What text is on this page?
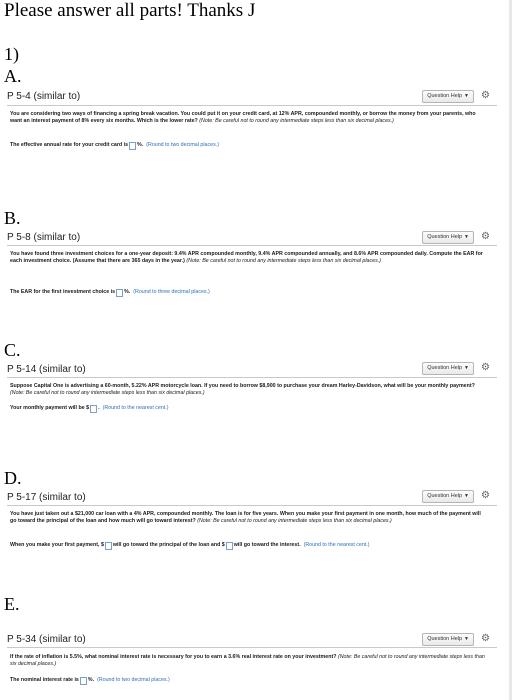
Please answer all parts! Thanks J
1)
A.
P 5-4 (similar to)	Question Help ▼ ⚙
You are considering two ways of financing a spring break vacation. You could put it on your credit card, at 12% APR, compounded monthly, or borrow the money from your parents, who want an interest payment of 8% every six months. Which is the lower rate? (Note: Be careful not to round any intermediate steps less than six decimal places.)
The effective annual rate for your credit card is %. (Round to two decimal places.)
B.
P 5-8 (similar to)	Question Help ▼ ⚙
You have found three investment choices for a one-year deposit: 9.4% APR compounded monthly, 9.4% APR compounded annually, and 8.6% APR compounded daily. Compute the EAR for each investment choice. (Assume that there are 365 days in the year.) (Note: Be careful not to round any intermediate steps less than six decimal places.)
The EAR for the first investment choice is %. (Round to three decimal places.)
C.
P 5-14 (similar to)	Question Help ▼ ⚙
Suppose Capital One is advertising a 60-month, 5.22% APR motorcycle loan. If you need to borrow $8,900 to purchase your dream Harley-Davidson, what will be your monthly payment? (Note: Be careful not to round any intermediate steps less than six decimal places.)
Your monthly payment will be $ . (Round to the nearest cent.)
D.
P 5-17 (similar to)	Question Help ▼ ⚙
You have just taken out a $21,000 car loan with a 4% APR, compounded monthly. The loan is for five years. When you make your first payment in one month, how much of the payment will go toward the principal of the loan and how much will go toward interest? (Note: Be careful not to round any intermediate steps less than six decimal places.)
When you make your first payment, $ will go toward the principal of the loan and $ will go toward the interest. (Round to the nearest cent.)
E.
P 5-34 (similar to)	Question Help ▼ ⚙
If the rate of inflation is 5.5%, what nominal interest rate is necessary for you to earn a 3.6% real interest rate on your investment? (Note: Be careful not to round any intermediate steps less than six decimal places.)
The nominal interest rate is %. (Round to two decimal places.)
